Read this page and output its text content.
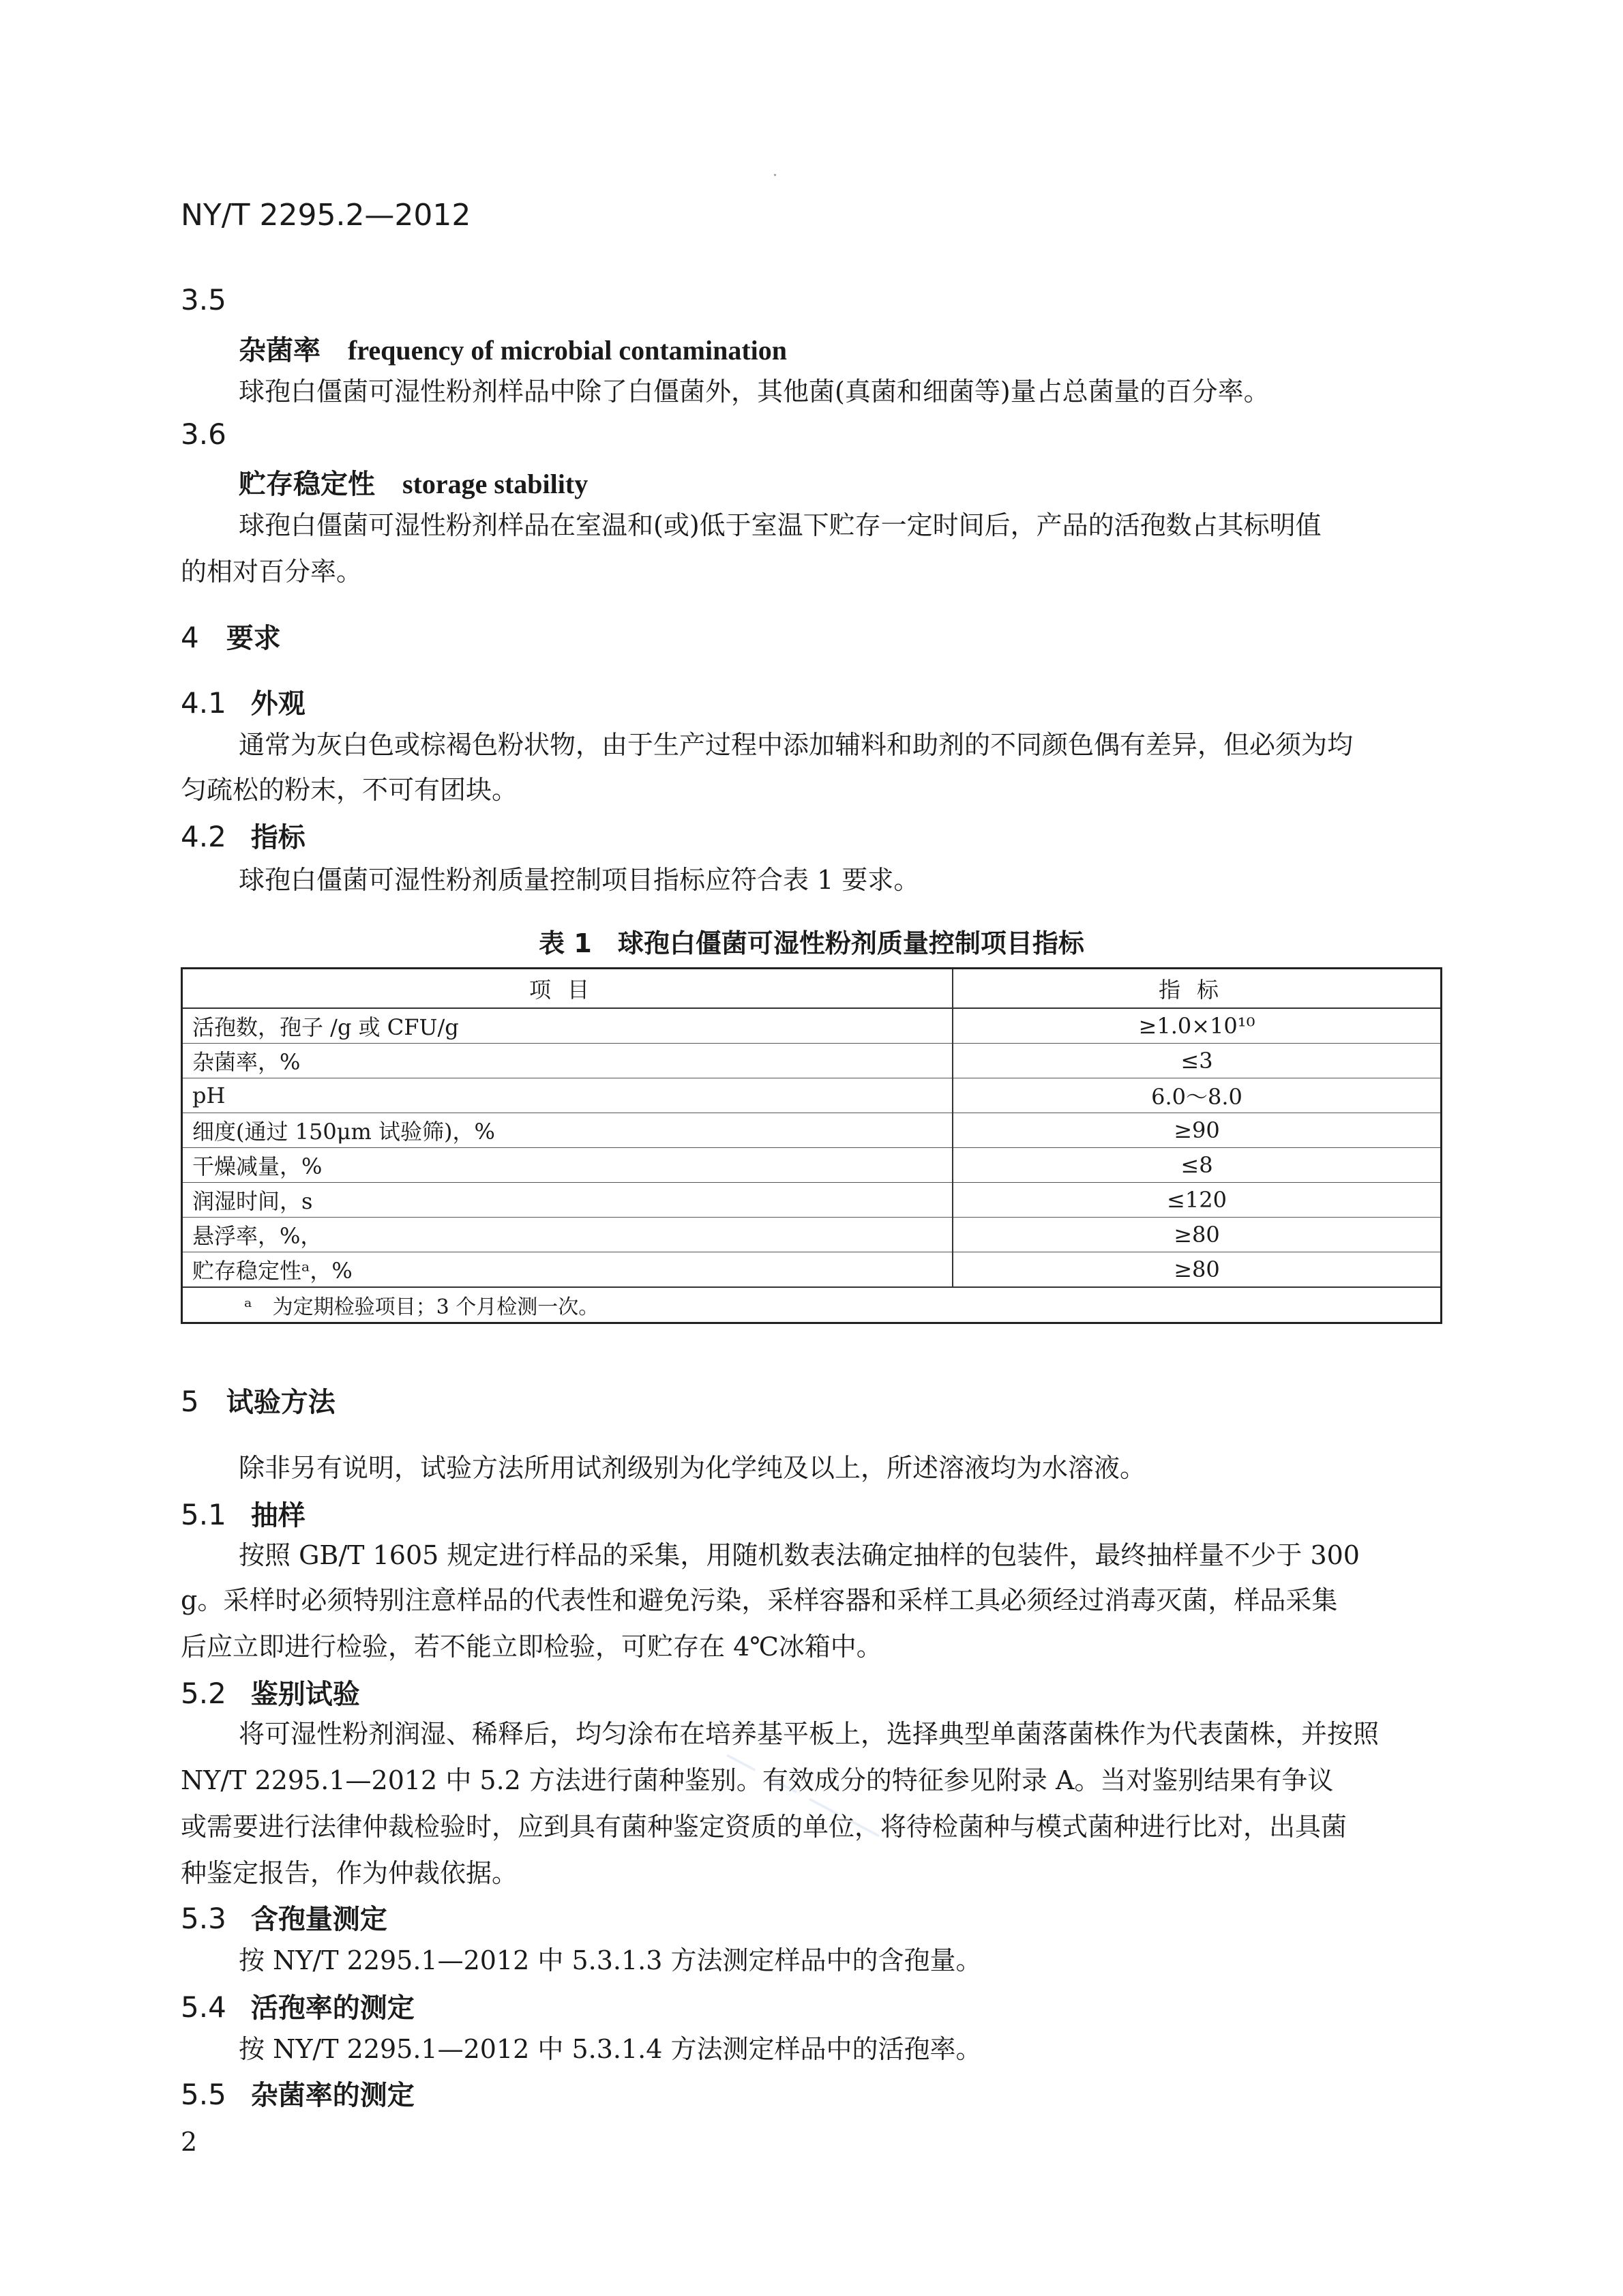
NY/T 2295.2—2012
3.5
杂菌率 frequency of microbial contamination
球孢白僵菌可湿性粉剂样品中除了白僵菌外，其他菌(真菌和细菌等)量占总菌量的百分率。
3.6
贮存稳定性 storage stability
球孢白僵菌可湿性粉剂样品在室温和(或)低于室温下贮存一定时间后，产品的活孢数占其标明值
的相对百分率。
4 要求
4.1 外观
通常为灰白色或棕褐色粉状物，由于生产过程中添加辅料和助剂的不同颜色偶有差异，但必须为均
匀疏松的粉末，不可有团块。
4.2 指标
球孢白僵菌可湿性粉剂质量控制项目指标应符合表 1 要求。
表 1　球孢白僵菌可湿性粉剂质量控制项目指标
项目	指标
活孢数，孢子 /g 或 CFU/g	≥1.0×10¹⁰
杂菌率，%	≤3
pH	6.0～8.0
细度(通过 150μm 试验筛)，%	≥90
干燥减量，%	≤8
润湿时间，s	≤120
悬浮率，%，	≥80
贮存稳定性ᵃ，%	≥80
ᵃ　为定期检验项目；3 个月检测一次。	
5 试验方法
除非另有说明，试验方法所用试剂级别为化学纯及以上，所述溶液均为水溶液。
5.1 抽样
按照 GB/T 1605 规定进行样品的采集，用随机数表法确定抽样的包装件，最终抽样量不少于 300
g。采样时必须特别注意样品的代表性和避免污染，采样容器和采样工具必须经过消毒灭菌，样品采集
后应立即进行检验，若不能立即检验，可贮存在 4℃冰箱中。
5.2 鉴别试验
将可湿性粉剂润湿、稀释后，均匀涂布在培养基平板上，选择典型单菌落菌株作为代表菌株，并按照
NY/T 2295.1—2012 中 5.2 方法进行菌种鉴别。有效成分的特征参见附录 A。当对鉴别结果有争议
或需要进行法律仲裁检验时，应到具有菌种鉴定资质的单位，将待检菌种与模式菌种进行比对，出具菌
种鉴定报告，作为仲裁依据。
5.3 含孢量测定
按 NY/T 2295.1—2012 中 5.3.1.3 方法测定样品中的含孢量。
5.4 活孢率的测定
按 NY/T 2295.1—2012 中 5.3.1.4 方法测定样品中的活孢率。
5.5 杂菌率的测定
2
— — — —
